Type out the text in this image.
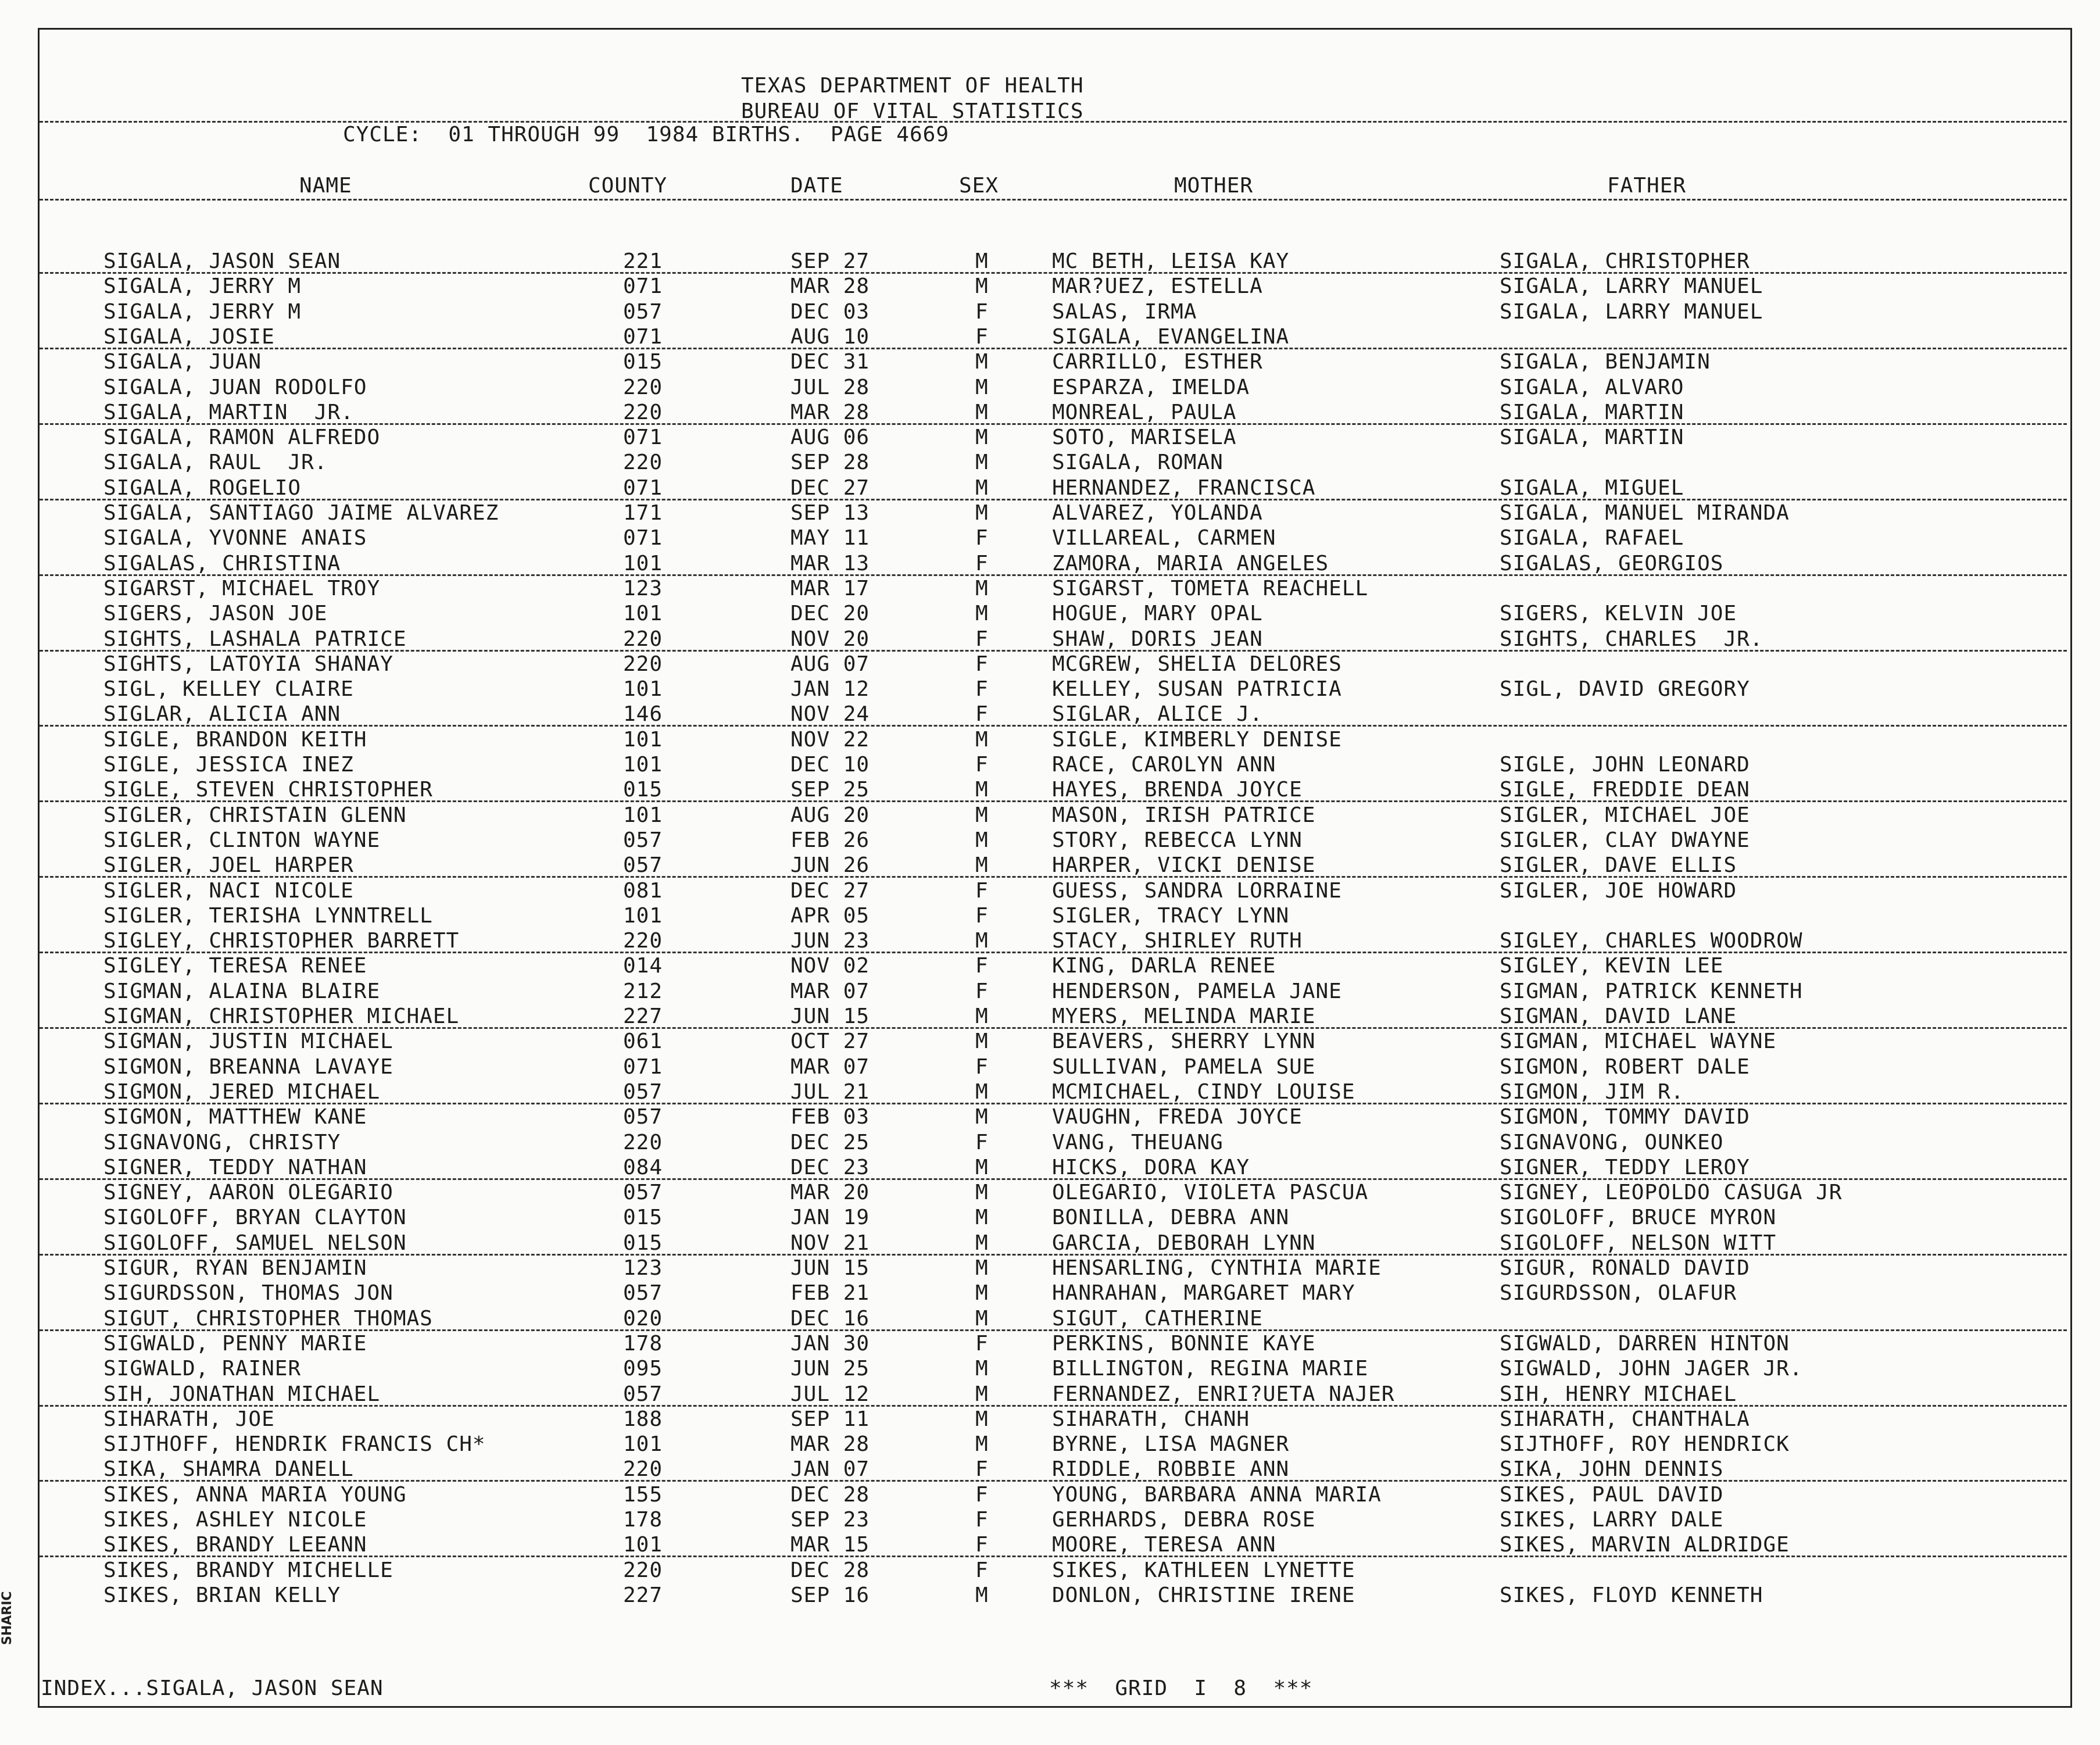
TEXAS DEPARTMENT OF HEALTH
BUREAU OF VITAL STATISTICS
CYCLE:  01 THROUGH 99  1984 BIRTHS.  PAGE 4669
NAME	COUNTY	DATE	SEX	MOTHER	FATHER
SIGALA, JASON SEAN	221	SEP 27	M	MC BETH, LEISA KAY	SIGALA, CHRISTOPHER
SIGALA, JERRY M	071	MAR 28	M	MAR?UEZ, ESTELLA	SIGALA, LARRY MANUEL
SIGALA, JERRY M	057	DEC 03	F	SALAS, IRMA	SIGALA, LARRY MANUEL
SIGALA, JOSIE	071	AUG 10	F	SIGALA, EVANGELINA
SIGALA, JUAN	015	DEC 31	M	CARRILLO, ESTHER	SIGALA, BENJAMIN
SIGALA, JUAN RODOLFO	220	JUL 28	M	ESPARZA, IMELDA	SIGALA, ALVARO
SIGALA, MARTIN  JR.	220	MAR 28	M	MONREAL, PAULA	SIGALA, MARTIN
SIGALA, RAMON ALFREDO	071	AUG 06	M	SOTO, MARISELA	SIGALA, MARTIN
SIGALA, RAUL  JR.	220	SEP 28	M	SIGALA, ROMAN
SIGALA, ROGELIO	071	DEC 27	M	HERNANDEZ, FRANCISCA	SIGALA, MIGUEL
SIGALA, SANTIAGO JAIME ALVAREZ	171	SEP 13	M	ALVAREZ, YOLANDA	SIGALA, MANUEL MIRANDA
SIGALA, YVONNE ANAIS	071	MAY 11	F	VILLAREAL, CARMEN	SIGALA, RAFAEL
SIGALAS, CHRISTINA	101	MAR 13	F	ZAMORA, MARIA ANGELES	SIGALAS, GEORGIOS
SIGARST, MICHAEL TROY	123	MAR 17	M	SIGARST, TOMETA REACHELL
SIGERS, JASON JOE	101	DEC 20	M	HOGUE, MARY OPAL	SIGERS, KELVIN JOE
SIGHTS, LASHALA PATRICE	220	NOV 20	F	SHAW, DORIS JEAN	SIGHTS, CHARLES  JR.
SIGHTS, LATOYIA SHANAY	220	AUG 07	F	MCGREW, SHELIA DELORES
SIGL, KELLEY CLAIRE	101	JAN 12	F	KELLEY, SUSAN PATRICIA	SIGL, DAVID GREGORY
SIGLAR, ALICIA ANN	146	NOV 24	F	SIGLAR, ALICE J.
SIGLE, BRANDON KEITH	101	NOV 22	M	SIGLE, KIMBERLY DENISE
SIGLE, JESSICA INEZ	101	DEC 10	F	RACE, CAROLYN ANN	SIGLE, JOHN LEONARD
SIGLE, STEVEN CHRISTOPHER	015	SEP 25	M	HAYES, BRENDA JOYCE	SIGLE, FREDDIE DEAN
SIGLER, CHRISTAIN GLENN	101	AUG 20	M	MASON, IRISH PATRICE	SIGLER, MICHAEL JOE
SIGLER, CLINTON WAYNE	057	FEB 26	M	STORY, REBECCA LYNN	SIGLER, CLAY DWAYNE
SIGLER, JOEL HARPER	057	JUN 26	M	HARPER, VICKI DENISE	SIGLER, DAVE ELLIS
SIGLER, NACI NICOLE	081	DEC 27	F	GUESS, SANDRA LORRAINE	SIGLER, JOE HOWARD
SIGLER, TERISHA LYNNTRELL	101	APR 05	F	SIGLER, TRACY LYNN
SIGLEY, CHRISTOPHER BARRETT	220	JUN 23	M	STACY, SHIRLEY RUTH	SIGLEY, CHARLES WOODROW
SIGLEY, TERESA RENEE	014	NOV 02	F	KING, DARLA RENEE	SIGLEY, KEVIN LEE
SIGMAN, ALAINA BLAIRE	212	MAR 07	F	HENDERSON, PAMELA JANE	SIGMAN, PATRICK KENNETH
SIGMAN, CHRISTOPHER MICHAEL	227	JUN 15	M	MYERS, MELINDA MARIE	SIGMAN, DAVID LANE
SIGMAN, JUSTIN MICHAEL	061	OCT 27	M	BEAVERS, SHERRY LYNN	SIGMAN, MICHAEL WAYNE
SIGMON, BREANNA LAVAYE	071	MAR 07	F	SULLIVAN, PAMELA SUE	SIGMON, ROBERT DALE
SIGMON, JERED MICHAEL	057	JUL 21	M	MCMICHAEL, CINDY LOUISE	SIGMON, JIM R.
SIGMON, MATTHEW KANE	057	FEB 03	M	VAUGHN, FREDA JOYCE	SIGMON, TOMMY DAVID
SIGNAVONG, CHRISTY	220	DEC 25	F	VANG, THEUANG	SIGNAVONG, OUNKEO
SIGNER, TEDDY NATHAN	084	DEC 23	M	HICKS, DORA KAY	SIGNER, TEDDY LEROY
SIGNEY, AARON OLEGARIO	057	MAR 20	M	OLEGARIO, VIOLETA PASCUA	SIGNEY, LEOPOLDO CASUGA JR
SIGOLOFF, BRYAN CLAYTON	015	JAN 19	M	BONILLA, DEBRA ANN	SIGOLOFF, BRUCE MYRON
SIGOLOFF, SAMUEL NELSON	015	NOV 21	M	GARCIA, DEBORAH LYNN	SIGOLOFF, NELSON WITT
SIGUR, RYAN BENJAMIN	123	JUN 15	M	HENSARLING, CYNTHIA MARIE	SIGUR, RONALD DAVID
SIGURDSSON, THOMAS JON	057	FEB 21	M	HANRAHAN, MARGARET MARY	SIGURDSSON, OLAFUR
SIGUT, CHRISTOPHER THOMAS	020	DEC 16	M	SIGUT, CATHERINE
SIGWALD, PENNY MARIE	178	JAN 30	F	PERKINS, BONNIE KAYE	SIGWALD, DARREN HINTON
SIGWALD, RAINER	095	JUN 25	M	BILLINGTON, REGINA MARIE	SIGWALD, JOHN JAGER JR.
SIH, JONATHAN MICHAEL	057	JUL 12	M	FERNANDEZ, ENRI?UETA NAJER	SIH, HENRY MICHAEL
SIHARATH, JOE	188	SEP 11	M	SIHARATH, CHANH	SIHARATH, CHANTHALA
SIJTHOFF, HENDRIK FRANCIS CH*	101	MAR 28	M	BYRNE, LISA MAGNER	SIJTHOFF, ROY HENDRICK
SIKA, SHAMRA DANELL	220	JAN 07	F	RIDDLE, ROBBIE ANN	SIKA, JOHN DENNIS
SIKES, ANNA MARIA YOUNG	155	DEC 28	F	YOUNG, BARBARA ANNA MARIA	SIKES, PAUL DAVID
SIKES, ASHLEY NICOLE	178	SEP 23	F	GERHARDS, DEBRA ROSE	SIKES, LARRY DALE
SIKES, BRANDY LEEANN	101	MAR 15	F	MOORE, TERESA ANN	SIKES, MARVIN ALDRIDGE
SIKES, BRANDY MICHELLE	220	DEC 28	F	SIKES, KATHLEEN LYNETTE
SIKES, BRIAN KELLY	227	SEP 16	M	DONLON, CHRISTINE IRENE	SIKES, FLOYD KENNETH
INDEX...SIGALA, JASON SEAN	***  GRID  I  8  ***
SHARIC
